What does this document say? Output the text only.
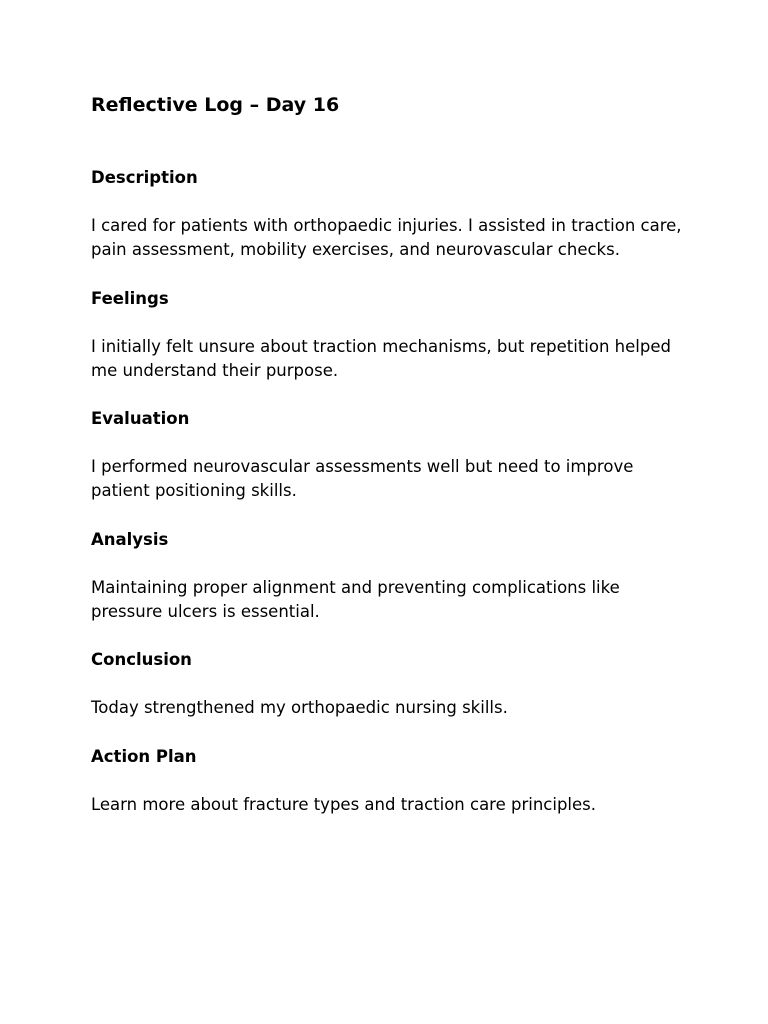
Reflective Log – Day 16
Description
I cared for patients with orthopaedic injuries. I assisted in traction care, pain assessment, mobility exercises, and neurovascular checks.
Feelings
I initially felt unsure about traction mechanisms, but repetition helped me understand their purpose.
Evaluation
I performed neurovascular assessments well but need to improve patient positioning skills.
Analysis
Maintaining proper alignment and preventing complications like pressure ulcers is essential.
Conclusion
Today strengthened my orthopaedic nursing skills.
Action Plan
Learn more about fracture types and traction care principles.
